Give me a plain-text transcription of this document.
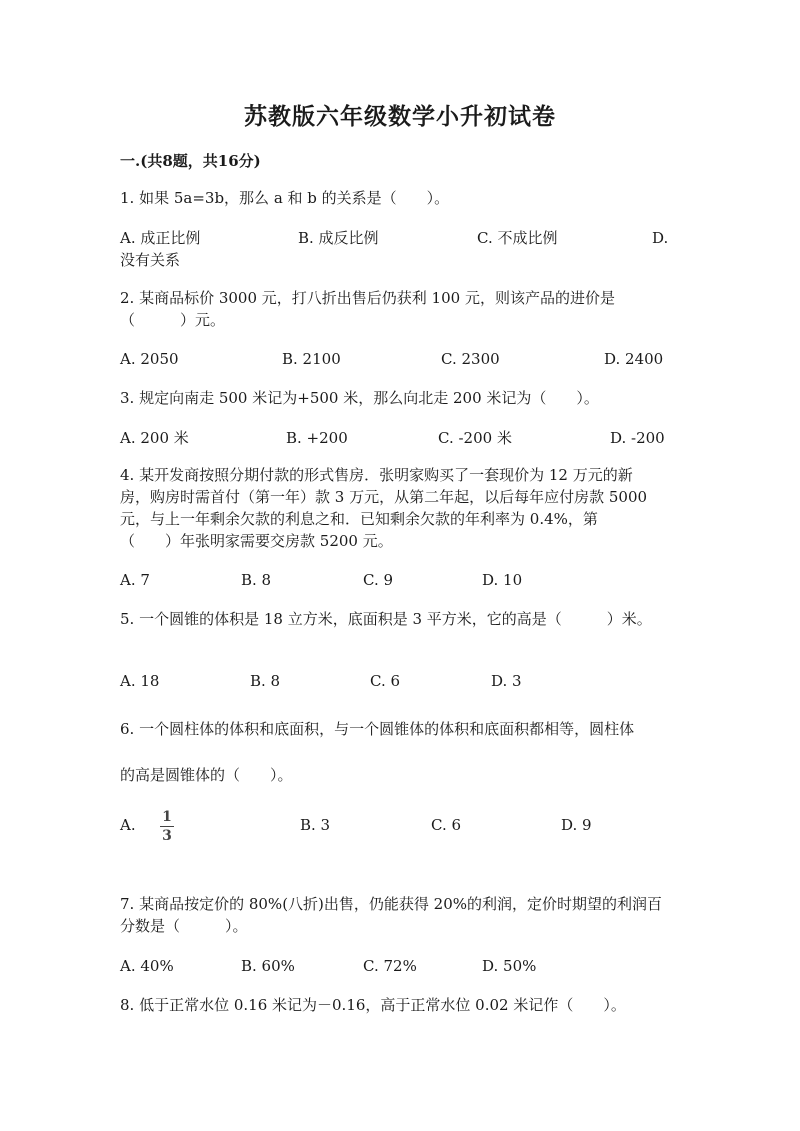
苏教版六年级数学小升初试卷
一.(共8题，共16分)
1. 如果 5a=3b，那么 a 和 b 的关系是（　　）。
A. 成正比例	B. 成反比例	C. 不成比例	D.
没有关系
2. 某商品标价 3000 元，打八折出售后仍获利 100 元，则该产品的进价是
（　　　）元。
A. 2050	B. 2100	C. 2300	D. 2400
3. 规定向南走 500 米记为+500 米，那么向北走 200 米记为（　　）。
A. 200 米	B. +200	C. -200 米	D. -200
4. 某开发商按照分期付款的形式售房．张明家购买了一套现价为 12 万元的新
房，购房时需首付（第一年）款 3 万元，从第二年起，以后每年应付房款 5000
元，与上一年剩余欠款的利息之和．已知剩余欠款的年利率为 0.4%，第
（　　）年张明家需要交房款 5200 元。
A. 7	B. 8	C. 9	D. 10
5. 一个圆锥的体积是 18 立方米，底面积是 3 平方米，它的高是（　　　）米。
A. 18	B. 8	C. 6	D. 3
6. 一个圆柱体的体积和底面积，与一个圆锥体的体积和底面积都相等，圆柱体
的高是圆锥体的（　　）。
A. 1
3
B. 3	C. 6	D. 9
7. 某商品按定价的 80%(八折)出售，仍能获得 20%的利润，定价时期望的利润百
分数是（　　　）。
A. 40%	B. 60%	C. 72%	D. 50%
8. 低于正常水位 0.16 米记为－0.16，高于正常水位 0.02 米记作（　　）。
